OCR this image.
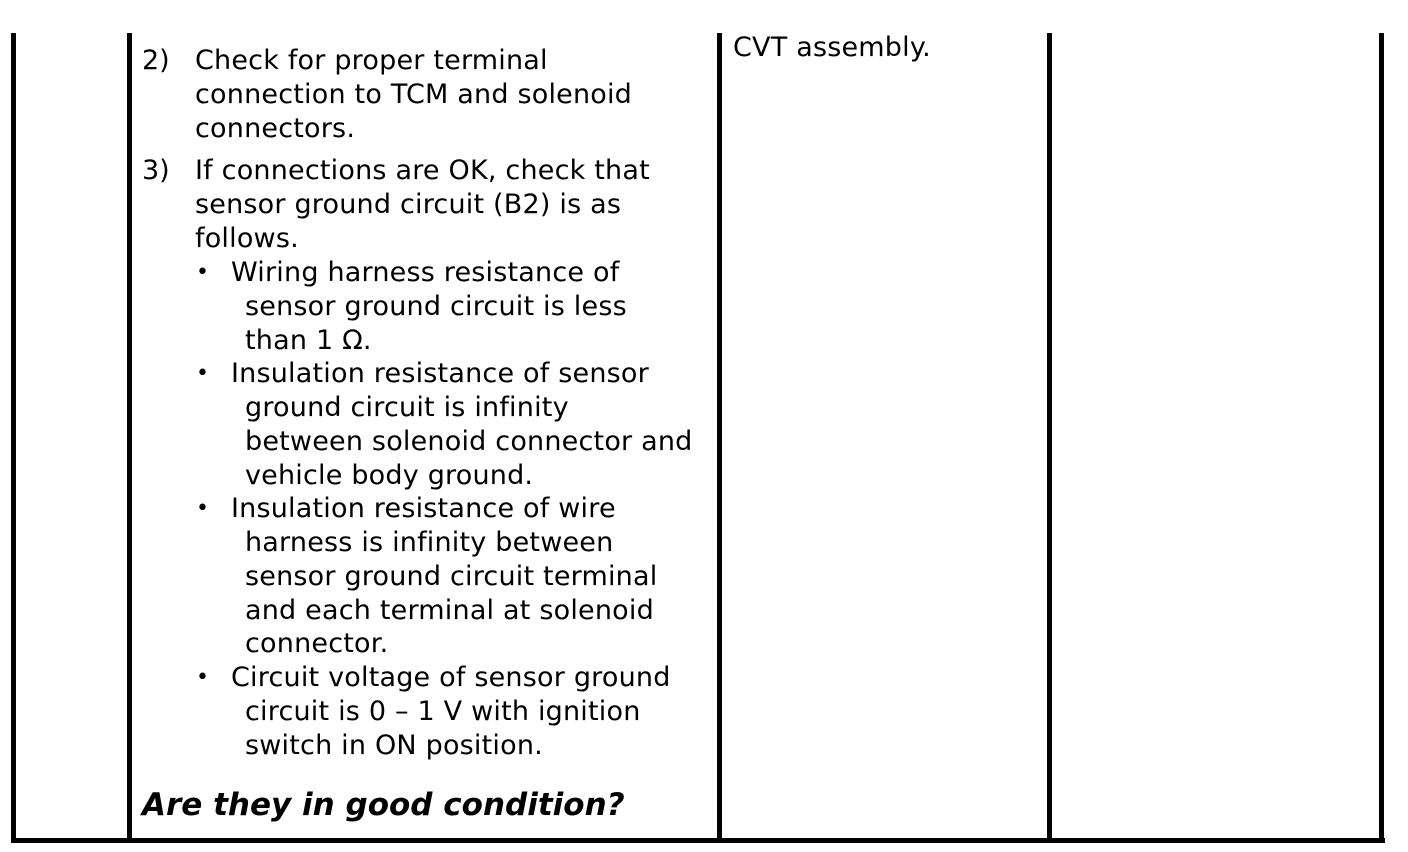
2) Check for proper terminal
connection to TCM and solenoid
connectors.
3) If connections are OK, check that
sensor ground circuit (B2) is as
follows.
• Wiring harness resistance of
sensor ground circuit is less
than 1 Ω.
• Insulation resistance of sensor
ground circuit is infinity
between solenoid connector and
vehicle body ground.
• Insulation resistance of wire
harness is infinity between
sensor ground circuit terminal
and each terminal at solenoid
connector.
• Circuit voltage of sensor ground
circuit is 0 – 1 V with ignition
switch in ON position.
Are they in good condition?
CVT assembly.
